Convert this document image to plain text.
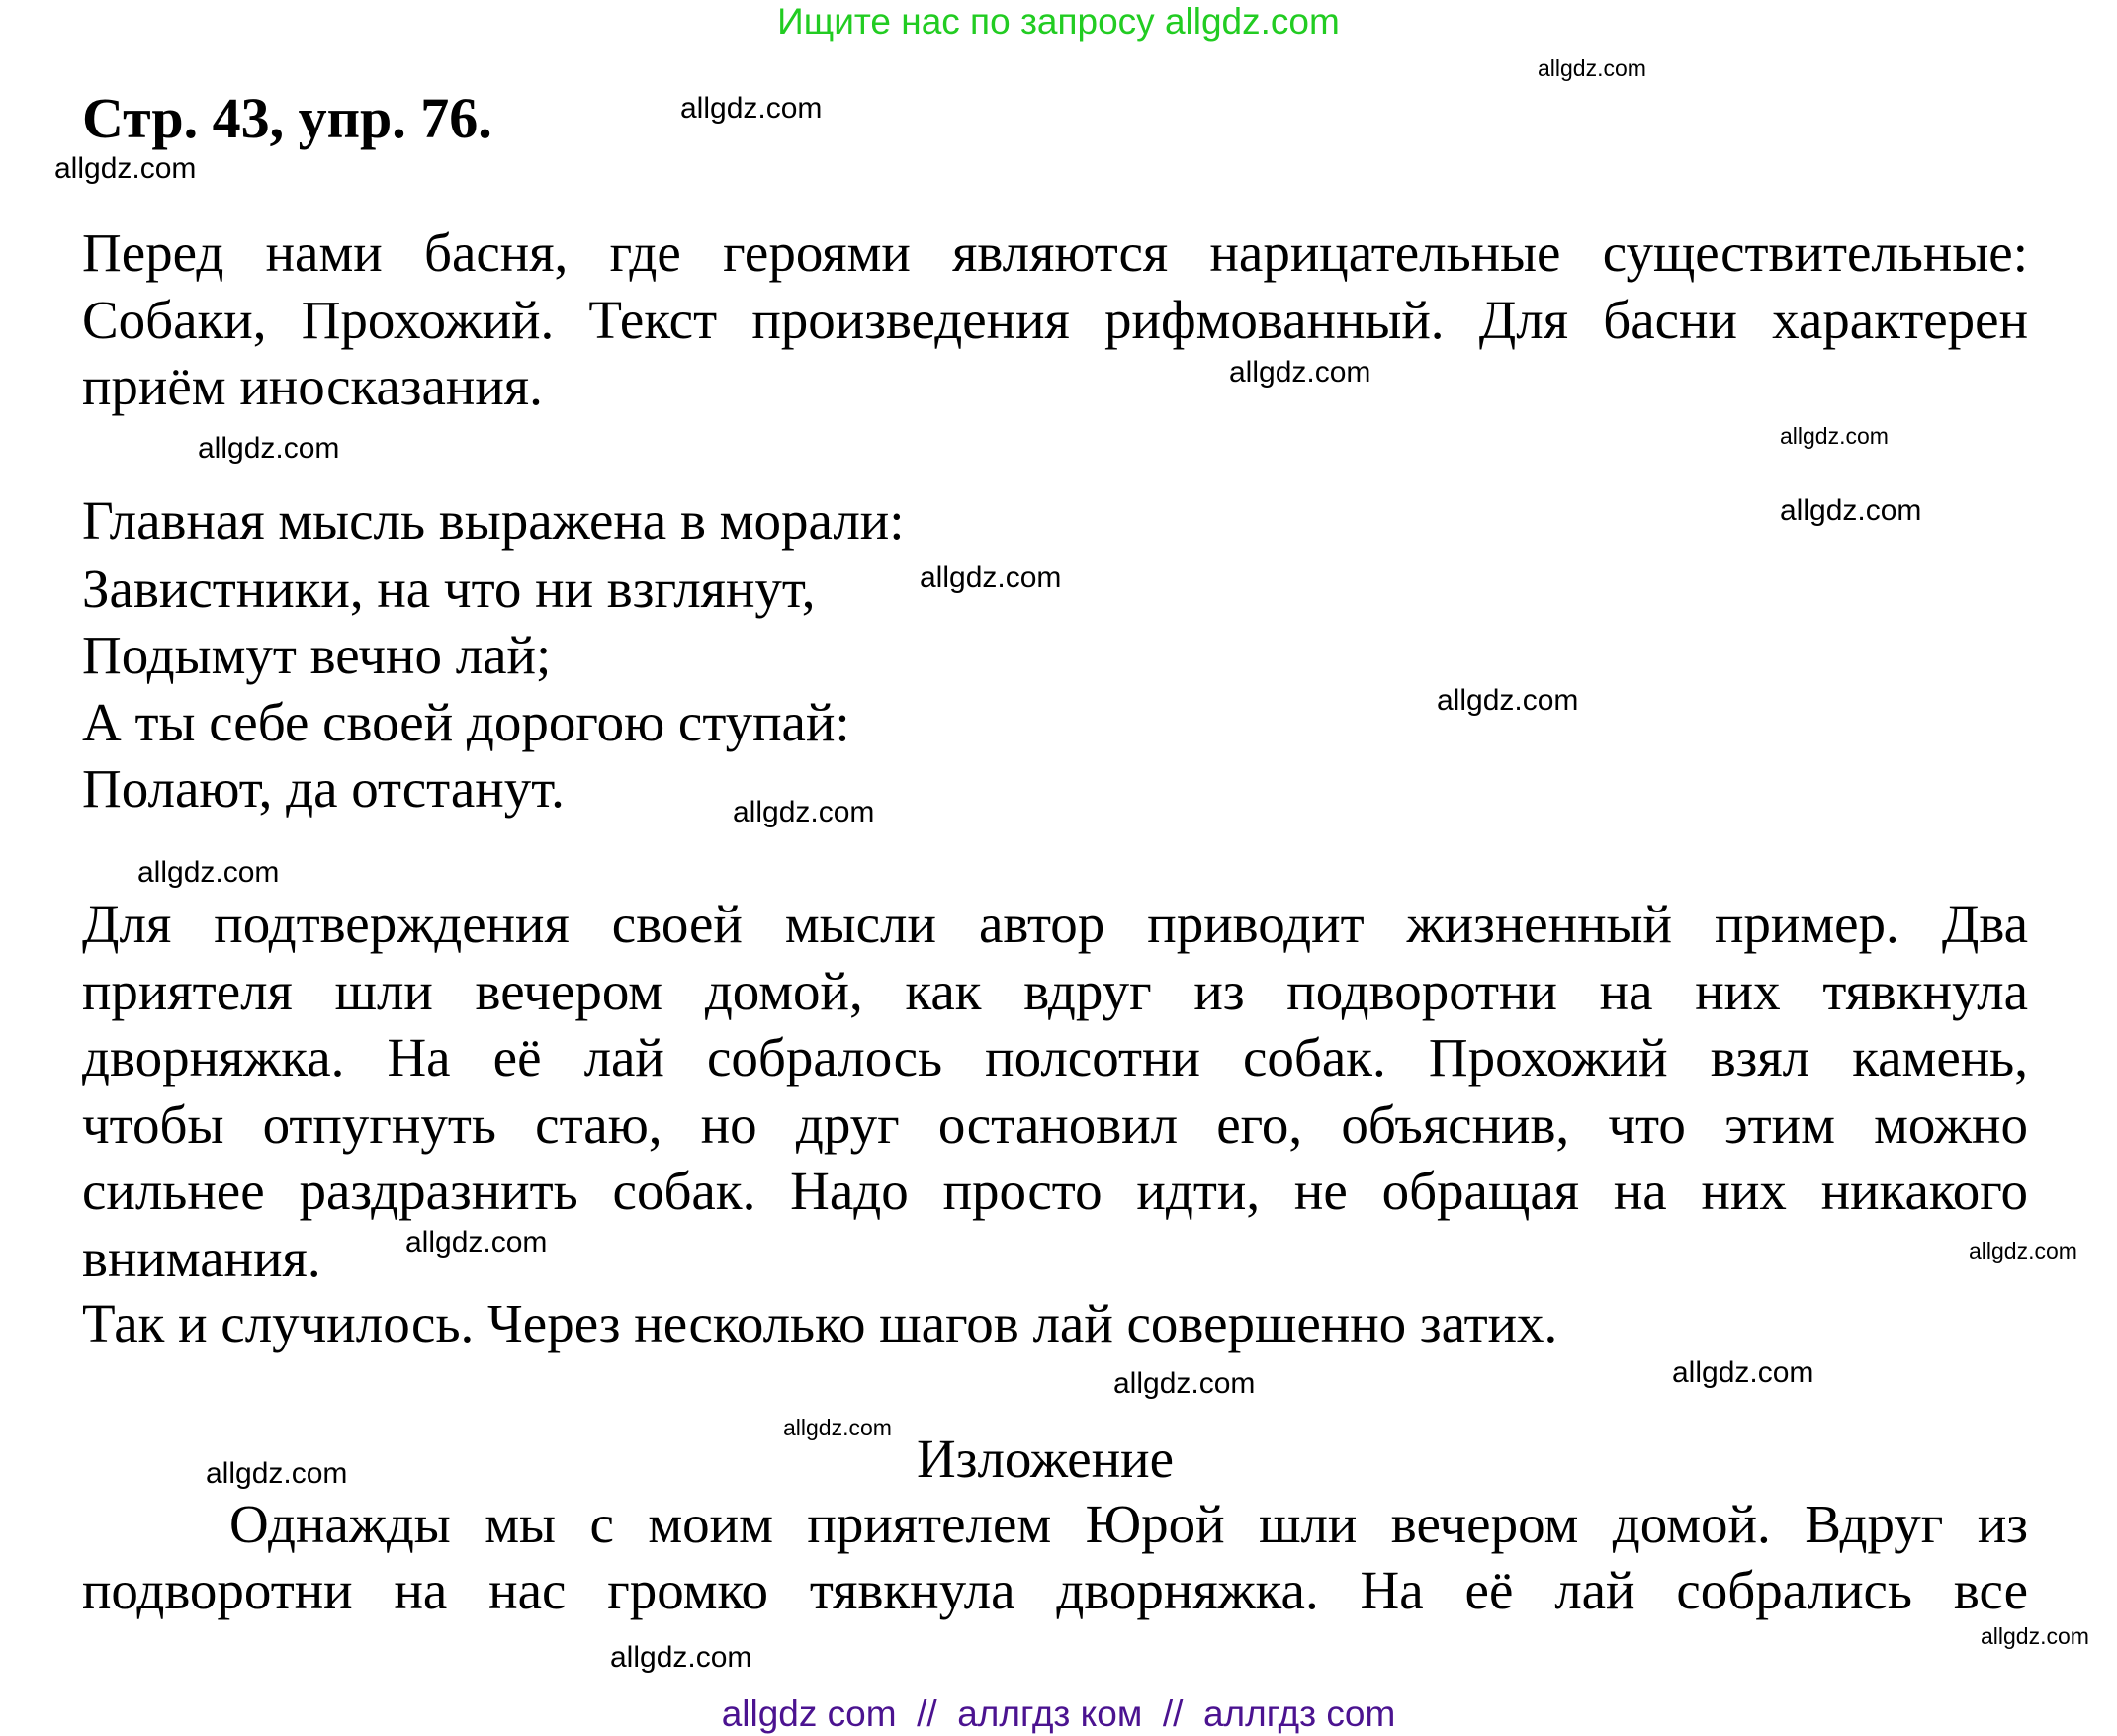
Ищите нас по запросу allgdz.com
Стр. 43, упр. 76.
Перед нами басня, где героями являются нарицательные существительные:
Собаки, Прохожий. Текст произведения рифмованный. Для басни характерен
приём иносказания.
Главная мысль выражена в морали:
Завистники, на что ни взглянут,
Подымут вечно лай;
А ты себе своей дорогою ступай:
Полают, да отстанут.
Для подтверждения своей мысли автор приводит жизненный пример. Два
приятеля шли вечером домой, как вдруг из подворотни на них тявкнула
дворняжка. На её лай собралось полсотни собак. Прохожий взял камень,
чтобы отпугнуть стаю, но друг остановил его, объяснив, что этим можно
сильнее раздразнить собак. Надо просто идти, не обращая на них никакого
внимания.
Так и случилось. Через несколько шагов лай совершенно затих.
Изложение
Однажды мы с моим приятелем Юрой шли вечером домой. Вдруг из
подворотни на нас громко тявкнула дворняжка. На её лай собрались все
allgdz.com
allgdz.com
allgdz.com
allgdz.com
allgdz.com
allgdz.com
allgdz.com
allgdz.com
allgdz.com
allgdz.com
allgdz.com
allgdz.com
allgdz.com
allgdz.com
allgdz.com
allgdz.com
allgdz.com
allgdz.com
allgdz.com
allgdz com  //  аллгдз ком  //  аллгдз com
